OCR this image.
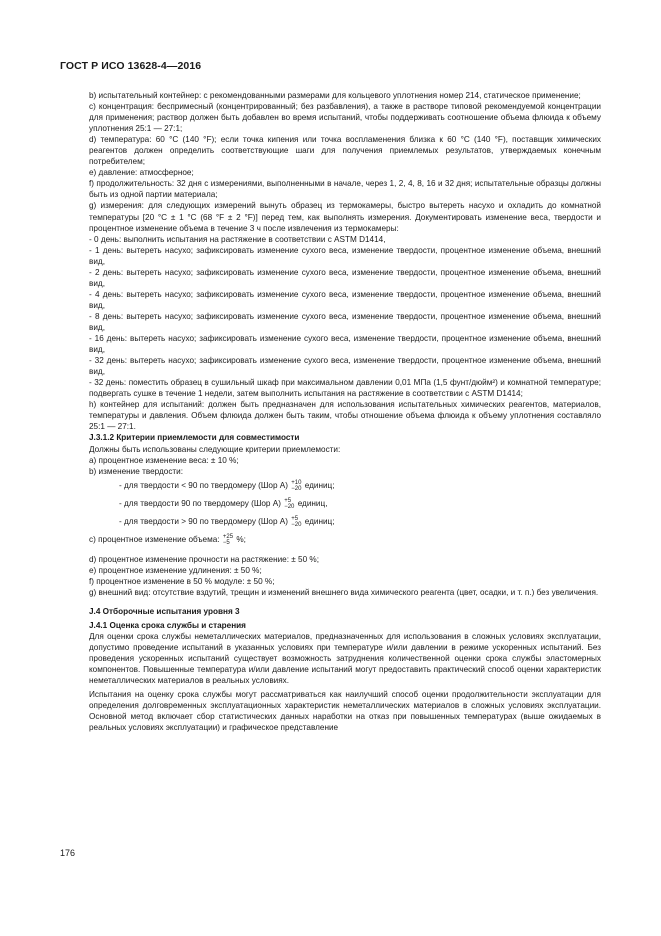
ГОСТ Р ИСО 13628-4—2016
b) испытательный контейнер: с рекомендованными размерами для кольцевого уплотнения номер 214, статическое применение;
c) концентрация: беспримесный (концентрированный; без разбавления), а также в растворе типовой рекомендуемой концентрации для применения; раствор должен быть добавлен во время испытаний, чтобы поддерживать соотношение объема флюида к объему уплотнения 25:1 — 27:1;
d) температура: 60 °С (140 °F); если точка кипения или точка воспламенения близка к 60 °С (140 °F), поставщик химических реагентов должен определить соответствующие шаги для получения приемлемых результатов, утверждаемых конечным потребителем;
e) давление: атмосферное;
f) продолжительность: 32 дня с измерениями, выполненными в начале, через 1, 2, 4, 8, 16 и 32 дня; испытательные образцы должны быть из одной партии материала;
g) измерения: для следующих измерений вынуть образец из термокамеры, быстро вытереть насухо и охладить до комнатной температуры [20 °С ± 1 °С (68 °F ± 2 °F)] перед тем, как выполнять измерения. Документировать изменение веса, твердости и процентное изменение объема в течение 3 ч после извлечения из термокамеры:
- 0 день: выполнить испытания на растяжение в соответствии с ASTM D1414,
- 1 день: вытереть насухо; зафиксировать изменение сухого веса, изменение твердости, процентное изменение объема, внешний вид,
- 2 день: вытереть насухо; зафиксировать изменение сухого веса, изменение твердости, процентное изменение объема, внешний вид,
- 4 день: вытереть насухо; зафиксировать изменение сухого веса, изменение твердости, процентное изменение объема, внешний вид,
- 8 день: вытереть насухо; зафиксировать изменение сухого веса, изменение твердости, процентное изменение объема, внешний вид,
- 16 день: вытереть насухо; зафиксировать изменение сухого веса, изменение твердости, процентное изменение объема, внешний вид,
- 32 день: вытереть насухо; зафиксировать изменение сухого веса, изменение твердости, процентное изменение объема, внешний вид,
- 32 день: поместить образец в сушильный шкаф при максимальном давлении 0,01 МПа (1,5 фунт/дюйм²) и комнатной температуре; подвергать сушке в течение 1 недели, затем выполнить испытания на растяжение в соответствии с ASTM D1414;
h) контейнер для испытаний: должен быть предназначен для использования испытательных химических реагентов, материалов, температуры и давления. Объем флюида должен быть таким, чтобы отношение объема флюида к объему уплотнения составляло 25:1 — 27:1.
J.3.1.2 Критерии приемлемости для совместимости
Должны быть использованы следующие критерии приемлемости:
а) процентное изменение веса: ± 10 %;
b) изменение твердости:
- для твердости < 90 по твердомеру (Шор А) +10
−20 единиц;
- для твердости 90 по твердомеру (Шор А) +5
−20 единиц,
- для твердости > 90 по твердомеру (Шор А) +5
−20 единиц;
c) процентное изменение объема: +25
−5 %;
d) процентное изменение прочности на растяжение: ± 50 %;
e) процентное изменение удлинения: ± 50 %;
f) процентное изменение в 50 % модуле: ± 50 %;
g) внешний вид: отсутствие вздутий, трещин и изменений внешнего вида химического реагента (цвет, осадки, и т. п.) без увеличения.
J.4 Отборочные испытания уровня 3
J.4.1 Оценка срока службы и старения
Для оценки срока службы неметаллических материалов, предназначенных для использования в сложных условиях эксплуатации, допустимо проведение испытаний в указанных условиях при температуре и/или давлении в режиме ускоренных испытаний. Без проведения ускоренных испытаний существует возможность затруднения количественной оценки срока службы эластомерных компонентов. Повышенные температура и/или давление испытаний могут предоставить практический способ оценки характеристик неметаллических материалов в реальных условиях.
Испытания на оценку срока службы могут рассматриваться как наилучший способ оценки продолжительности эксплуатации для определения долговременных эксплуатационных характеристик неметаллических материалов в сложных условиях эксплуатации. Основной метод включает сбор статистических данных наработки на отказ при повышенных температурах (выше ожидаемых в реальных условиях эксплуатации) и графическое представление
176
